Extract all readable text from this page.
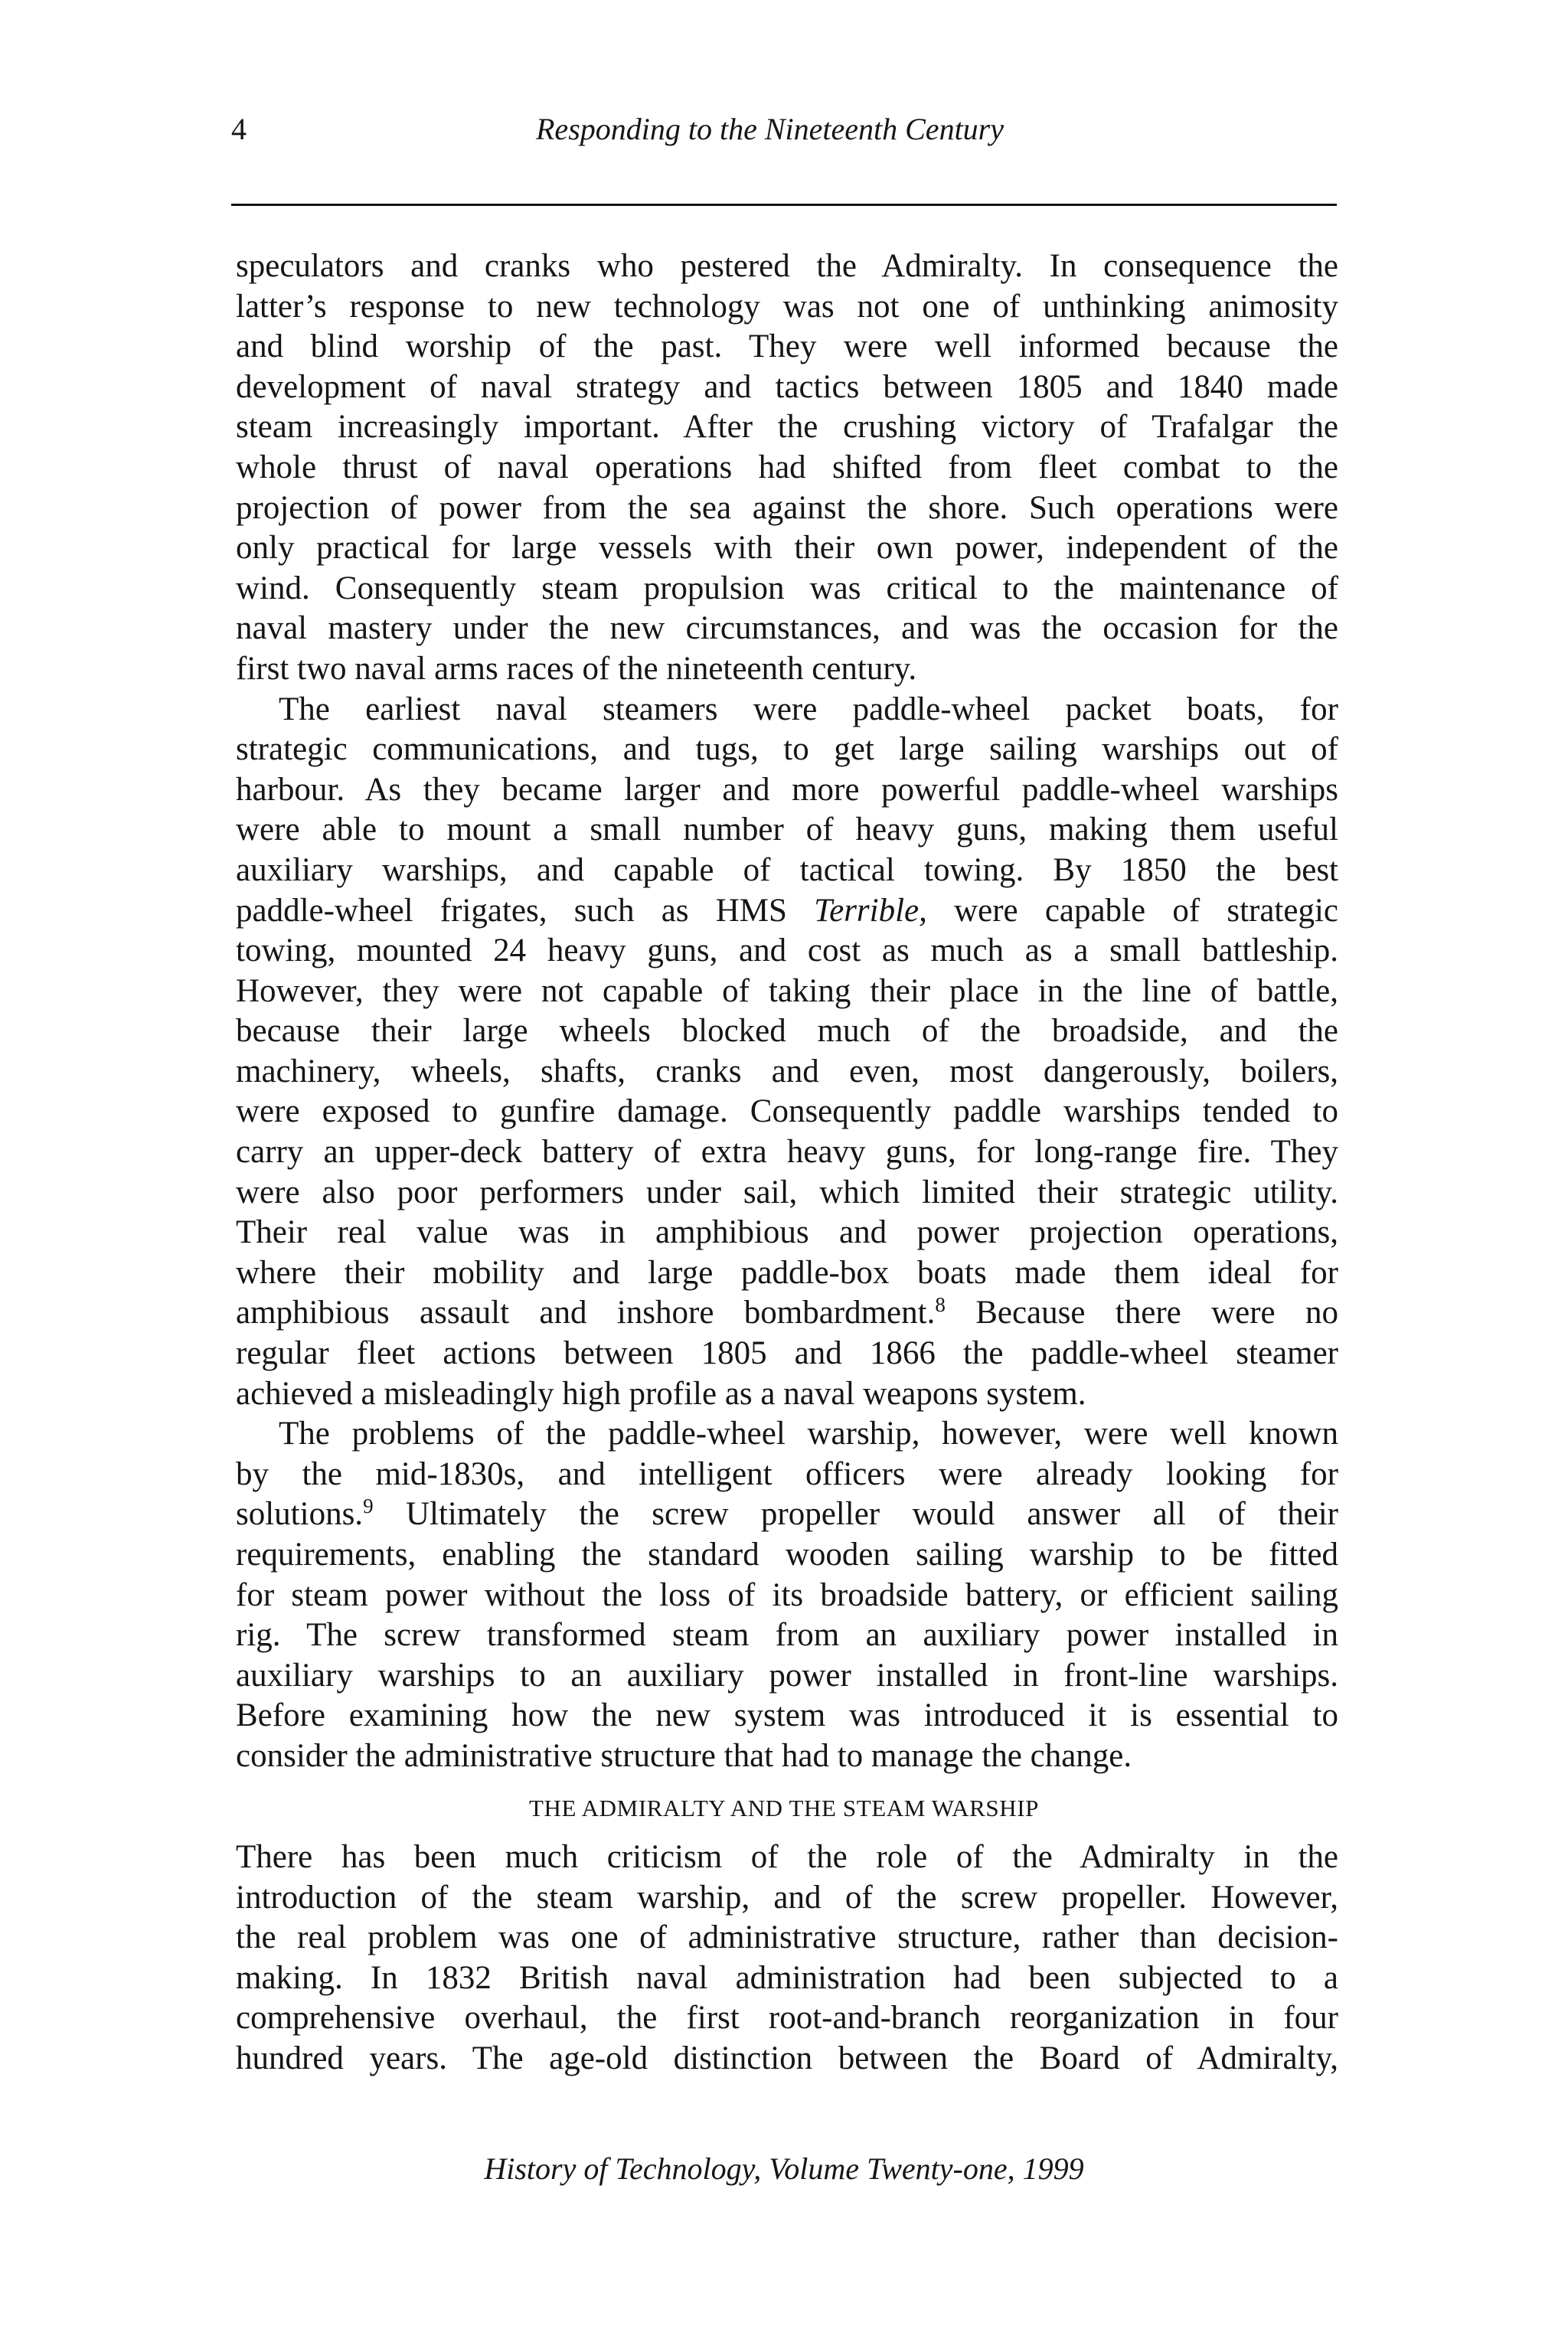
4	Responding to the Nineteenth Century
speculators and cranks who pestered the Admiralty. In consequence the
latter’s response to new technology was not one of unthinking animosity
and blind worship of the past. They were well informed because the
development of naval strategy and tactics between 1805 and 1840 made
steam increasingly important. After the crushing victory of Trafalgar the
whole thrust of naval operations had shifted from fleet combat to the
projection of power from the sea against the shore. Such operations were
only practical for large vessels with their own power, independent of the
wind. Consequently steam propulsion was critical to the maintenance of
naval mastery under the new circumstances, and was the occasion for the
first two naval arms races of the nineteenth century.
The earliest naval steamers were paddle-wheel packet boats, for
strategic communications, and tugs, to get large sailing warships out of
harbour. As they became larger and more powerful paddle-wheel warships
were able to mount a small number of heavy guns, making them useful
auxiliary warships, and capable of tactical towing. By 1850 the best
paddle-wheel frigates, such as HMS Terrible, were capable of strategic
towing, mounted 24 heavy guns, and cost as much as a small battleship.
However, they were not capable of taking their place in the line of battle,
because their large wheels blocked much of the broadside, and the
machinery, wheels, shafts, cranks and even, most dangerously, boilers,
were exposed to gunfire damage. Consequently paddle warships tended to
carry an upper-deck battery of extra heavy guns, for long-range fire. They
were also poor performers under sail, which limited their strategic utility.
Their real value was in amphibious and power projection operations,
where their mobility and large paddle-box boats made them ideal for
amphibious assault and inshore bombardment.$^8$ Because there were no
regular fleet actions between 1805 and 1866 the paddle-wheel steamer
achieved a misleadingly high profile as a naval weapons system.
The problems of the paddle-wheel warship, however, were well known
by the mid-1830s, and intelligent officers were already looking for
solutions.$^9$ Ultimately the screw propeller would answer all of their
requirements, enabling the standard wooden sailing warship to be fitted
for steam power without the loss of its broadside battery, or efficient sailing
rig. The screw transformed steam from an auxiliary power installed in
auxiliary warships to an auxiliary power installed in front-line warships.
Before examining how the new system was introduced it is essential to
consider the administrative structure that had to manage the change.
THE ADMIRALTY AND THE STEAM WARSHIP
There has been much criticism of the role of the Admiralty in the
introduction of the steam warship, and of the screw propeller. However,
the real problem was one of administrative structure, rather than decision-
making. In 1832 British naval administration had been subjected to a
comprehensive overhaul, the first root-and-branch reorganization in four
hundred years. The age-old distinction between the Board of Admiralty,
History of Technology, Volume Twenty-one, 1999
